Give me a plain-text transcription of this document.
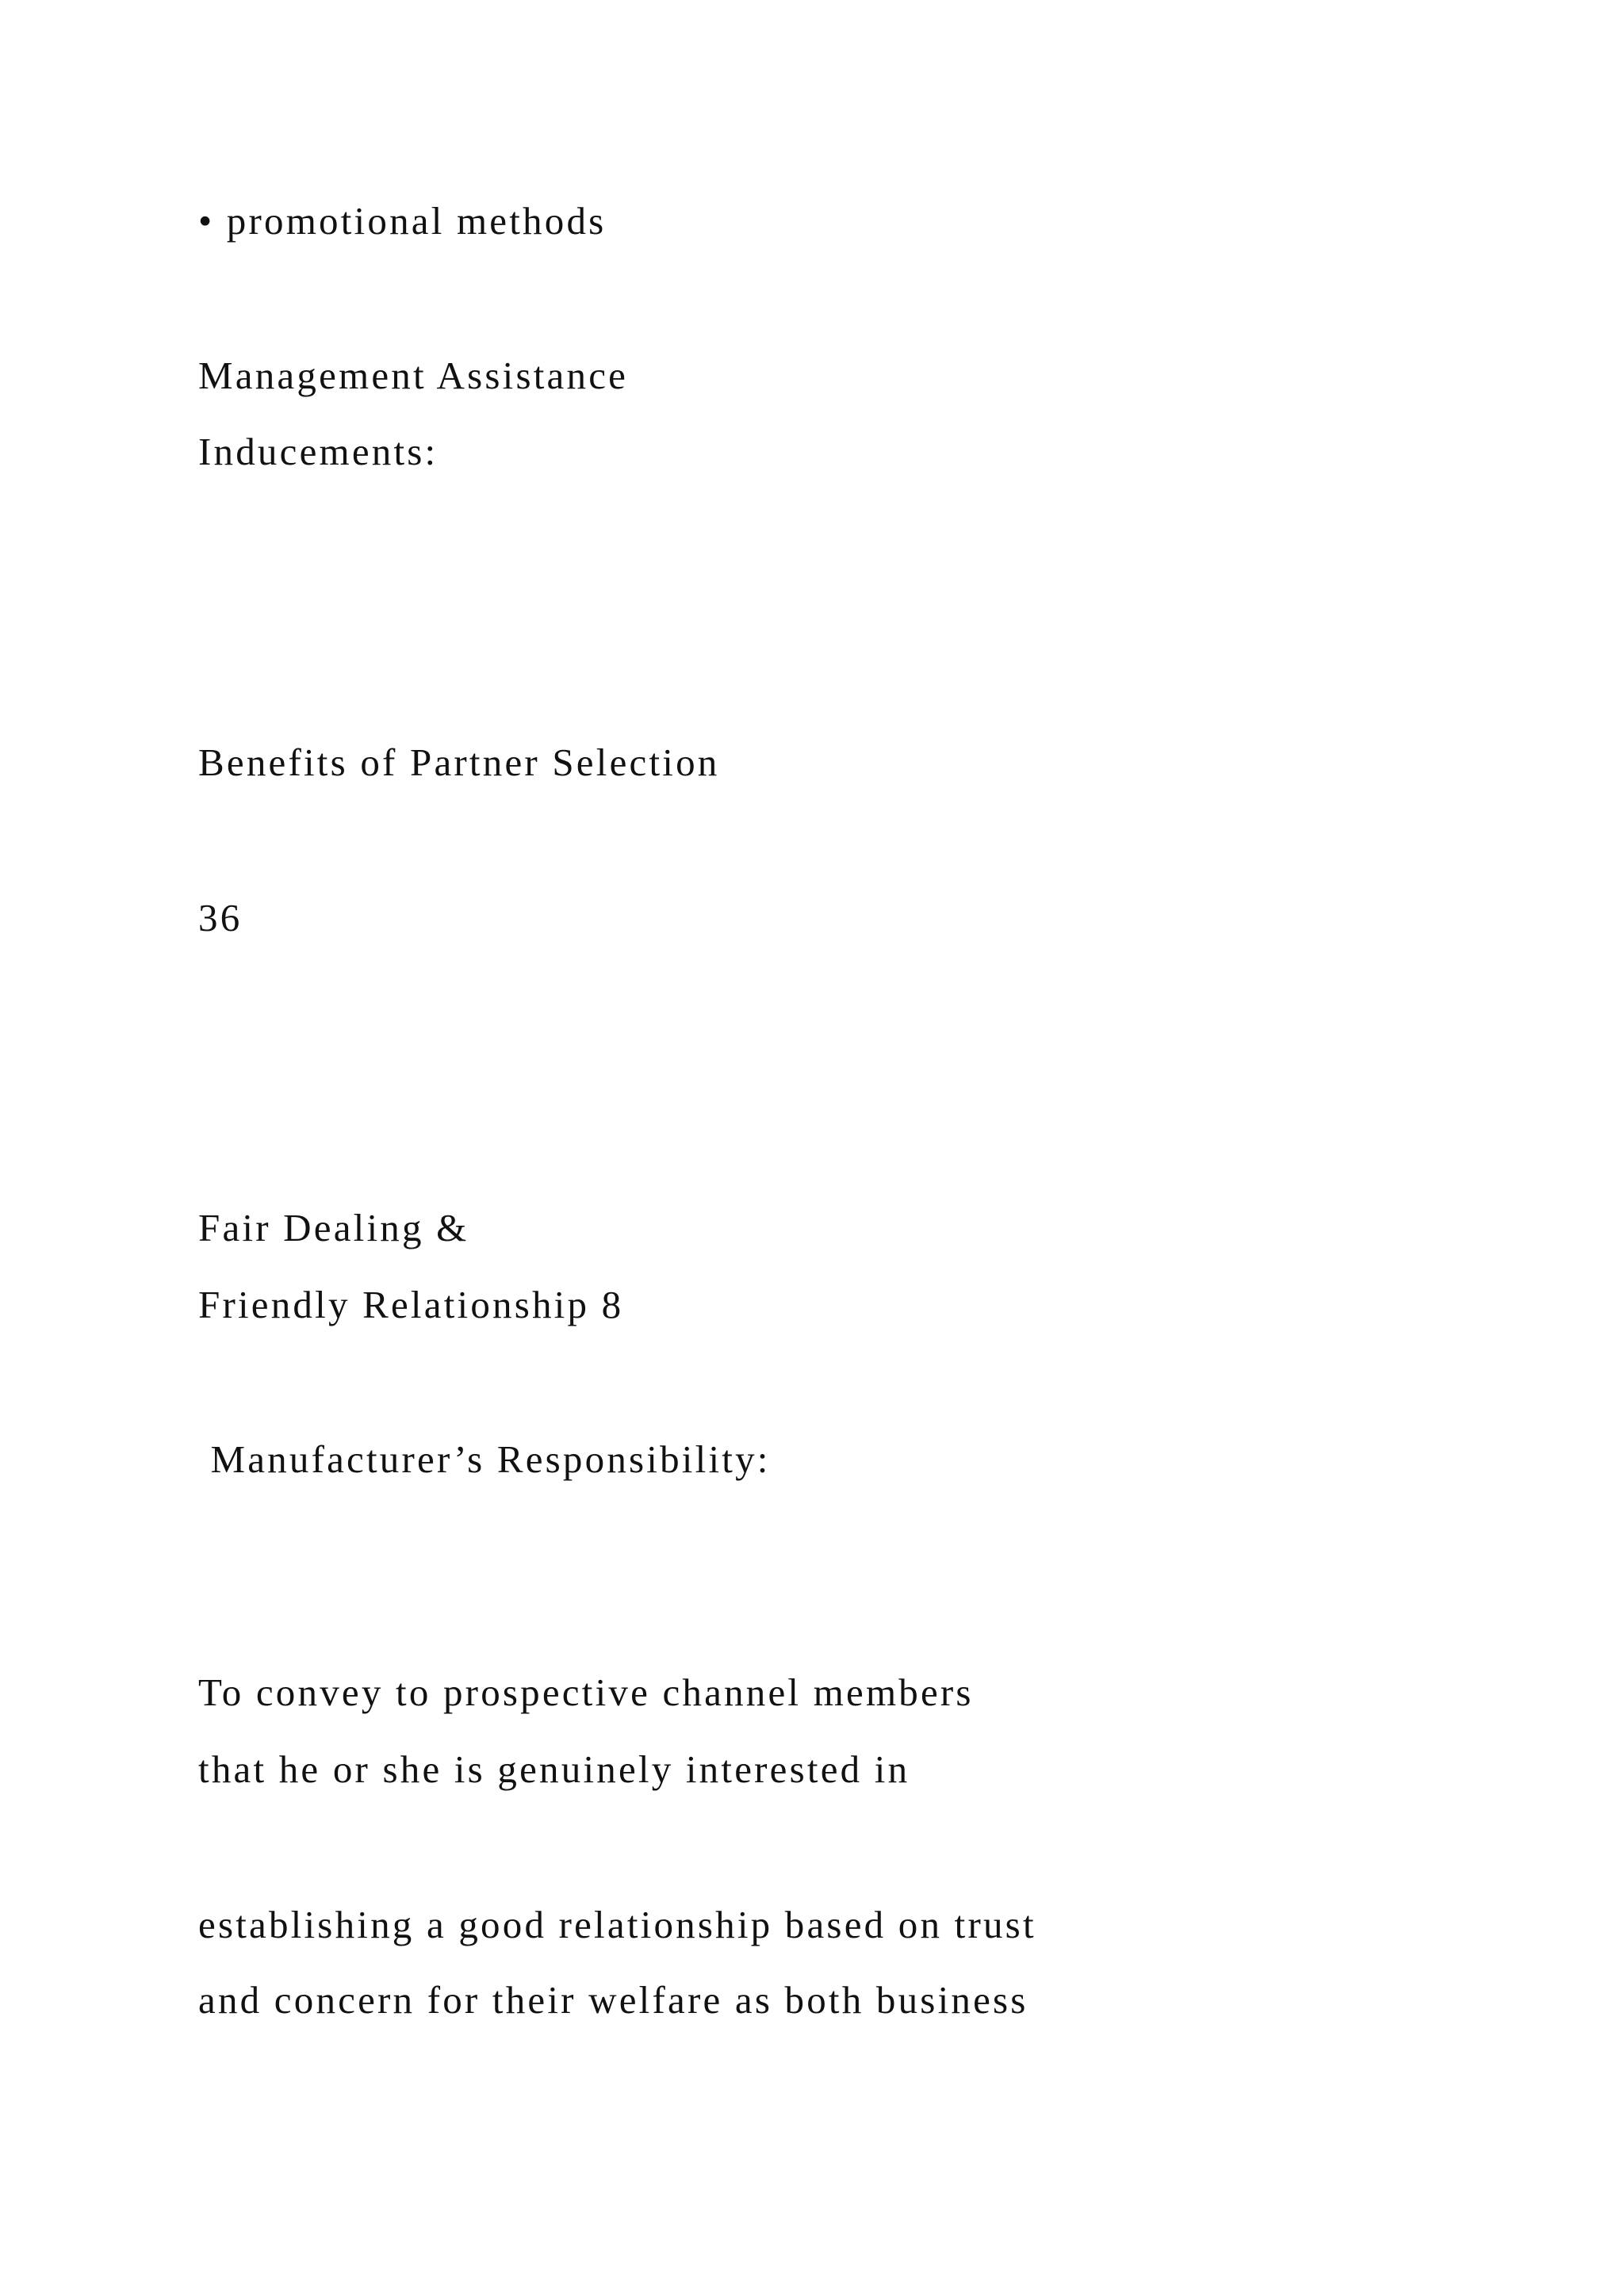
• promotional methods
Management Assistance
Inducements:
Benefits of Partner Selection
36
Fair Dealing &
Friendly Relationship 8
Manufacturer’s Responsibility:
To convey to prospective channel members
that he or she is genuinely interested in
establishing a good relationship based on trust
and concern for their welfare as both business
